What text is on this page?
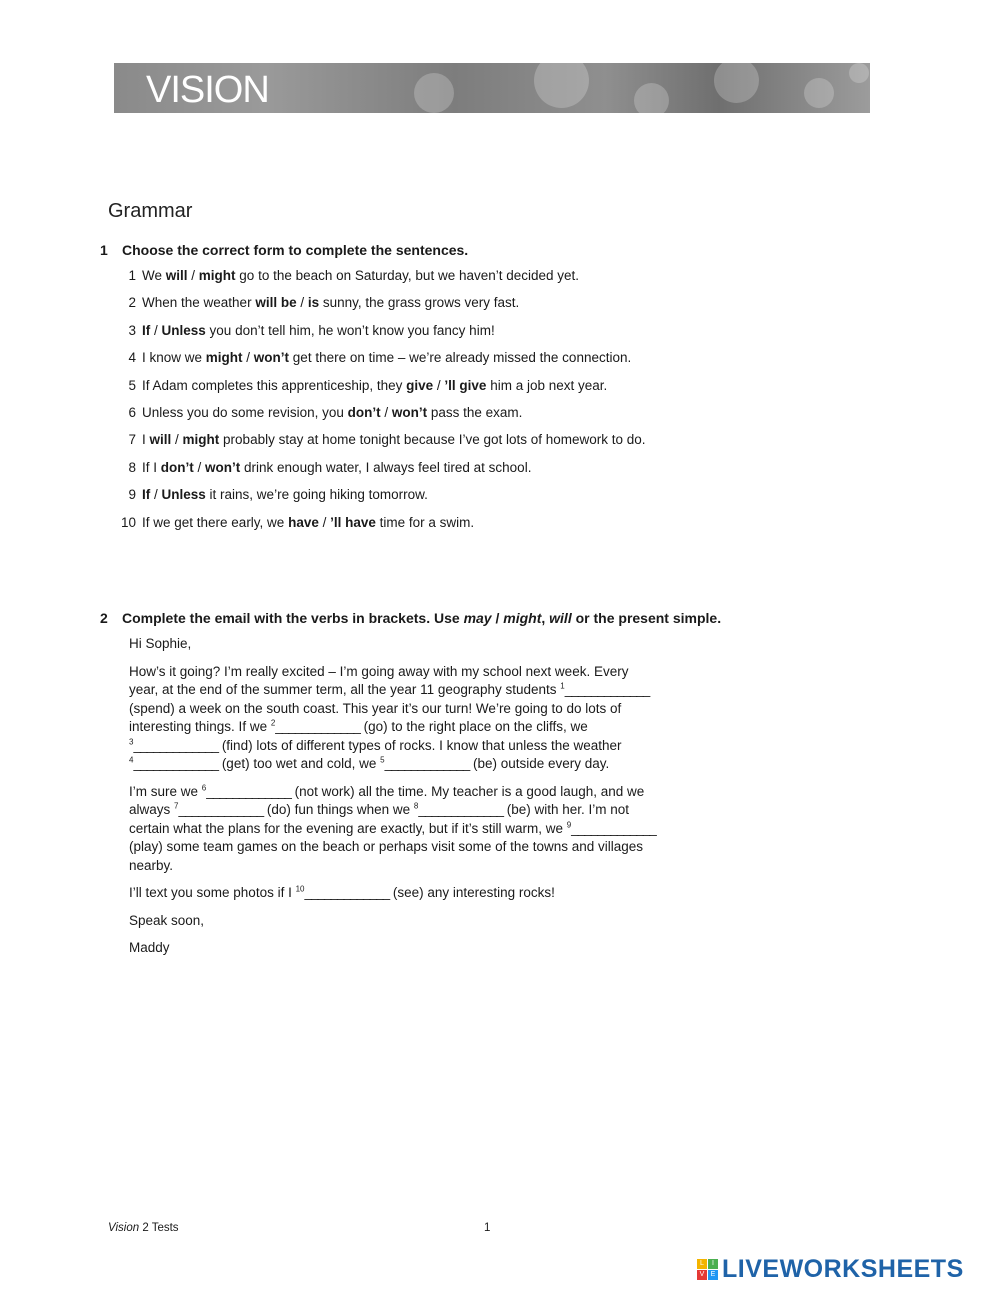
VISION
Grammar
1 Choose the correct form to complete the sentences.
1 We will / might go to the beach on Saturday, but we haven’t decided yet.
2 When the weather will be / is sunny, the grass grows very fast.
3 If / Unless you don’t tell him, he won’t know you fancy him!
4 I know we might / won’t get there on time – we’re already missed the connection.
5 If Adam completes this apprenticeship, they give / ’ll give him a job next year.
6 Unless you do some revision, you don’t / won’t pass the exam.
7 I will / might probably stay at home tonight because I’ve got lots of homework to do.
8 If I don’t / won’t drink enough water, I always feel tired at school.
9 If / Unless it rains, we’re going hiking tomorrow.
10 If we get there early, we have / ’ll have time for a swim.
2 Complete the email with the verbs in brackets. Use may / might, will or the present simple.

Hi Sophie,

How’s it going? I’m really excited – I’m going away with my school next week. Every year, at the end of the summer term, all the year 11 geography students $^1$_____________ (spend) a week on the south coast. This year it’s our turn! We’re going to do lots of interesting things. If we $^2$_____________ (go) to the right place on the cliffs, we $^3$_____________ (find) lots of different types of rocks. I know that unless the weather $^4$_____________ (get) too wet and cold, we $^5$_____________ (be) outside every day.

I’m sure we $^6$_____________ (not work) all the time. My teacher is a good laugh, and we always $^7$_____________ (do) fun things when we $^8$_____________ (be) with her. I’m not certain what the plans for the evening are exactly, but if it’s still warm, we $^9$_____________ (play) some team games on the beach or perhaps visit some of the towns and villages nearby.

I’ll text you some photos if I $^{10}$_____________ (see) any interesting rocks!

Speak soon,

Maddy

Vision 2 Tests	1
L	I
V E LIVEWORKSHEETS
